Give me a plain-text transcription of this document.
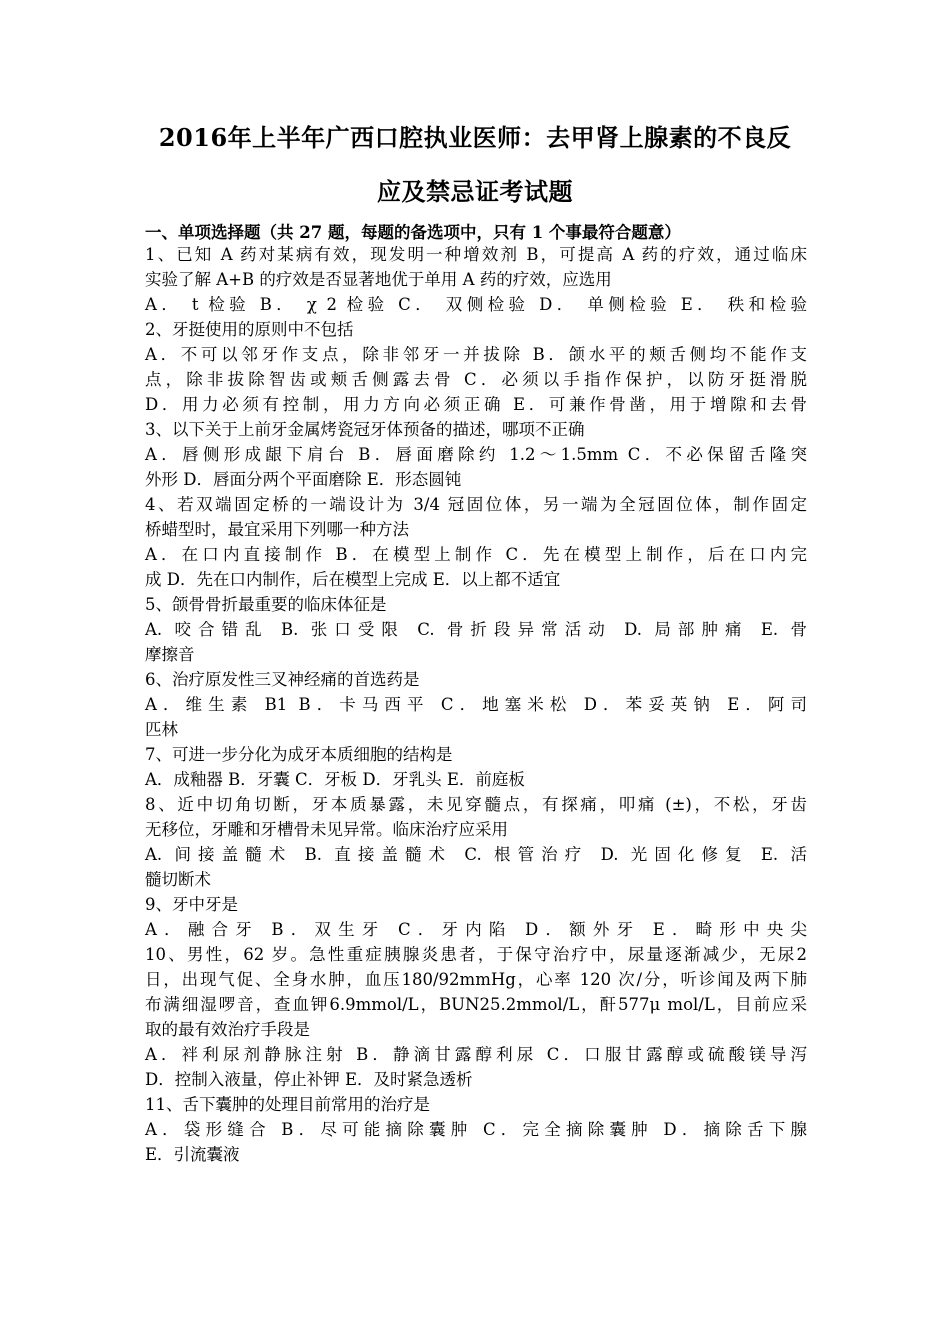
2016年上半年广西口腔执业医师：去甲肾上腺素的不良反
应及禁忌证考试题
一、单项选择题（共 27 题，每题的备选项中，只有 1 个事最符合题意）
1、已知 A 药对某病有效，现发明一种增效剂 B，可提高 A 药的疗效，通过临床
实验了解 A+B 的疗效是否显著地优于单用 A 药的疗效，应选用
A． t 检验 B． χ 2 检验 C． 双侧检验 D． 单侧检验 E． 秩和检验
2、牙挺使用的原则中不包括
A．不可以邻牙作支点，除非邻牙一并拔除 B．颌水平的颊舌侧均不能作支
点，除非拔除智齿或颊舌侧露去骨 C．必须以手指作保护，以防牙挺滑脱
D．用力必须有控制，用力方向必须正确 E．可兼作骨凿，用于增隙和去骨
3、以下关于上前牙金属烤瓷冠牙体预备的描述，哪项不正确
A．唇侧形成龈下肩台 B．唇面磨除约 1.2～1.5mm C．不必保留舌隆突
外形 D．唇面分两个平面磨除 E．形态圆钝
4、若双端固定桥的一端设计为 3/4 冠固位体，另一端为全冠固位体，制作固定
桥蜡型时，最宜采用下列哪一种方法
A．在口内直接制作 B．在模型上制作 C．先在模型上制作，后在口内完
成 D．先在口内制作，后在模型上完成 E．以上都不适宜
5、颌骨骨折最重要的临床体征是
A. 咬合错乱 B. 张口受限 C. 骨折段异常活动 D. 局部肿痛 E. 骨
摩擦音
6、治疗原发性三叉神经痛的首选药是
A．维生素 B1 B．卡马西平 C．地塞米松 D．苯妥英钠 E．阿司
匹林
7、可进一步分化为成牙本质细胞的结构是
A．成釉器 B．牙囊 C．牙板 D．牙乳头 E．前庭板
8、近中切角切断，牙本质暴露，未见穿髓点，有探痛，叩痛 (±)，不松，牙齿
无移位，牙雕和牙槽骨未见异常。临床治疗应采用
A. 间接盖髓术 B. 直接盖髓术 C. 根管治疗 D. 光固化修复 E. 活
髓切断术
9、牙中牙是
A．融合牙 B．双生牙 C．牙内陷 D．额外牙 E．畸形中央尖
10、男性，62 岁。急性重症胰腺炎患者，于保守治疗中，尿量逐渐减少，无尿2
日，出现气促、全身水肿，血压180/92mmHg，心率 120 次/分，听诊闻及两下肺
布满细湿啰音，查血钾6.9mmol/L，BUN25.2mmol/L，酐577μ mol/L，目前应采
取的最有效治疗手段是
A．袢利尿剂静脉注射 B．静滴甘露醇利尿 C．口服甘露醇或硫酸镁导泻
D．控制入液量，停止补钾 E．及时紧急透析
11、舌下囊肿的处理目前常用的治疗是
A．袋形缝合 B．尽可能摘除囊肿 C．完全摘除囊肿 D．摘除舌下腺
E．引流囊液
